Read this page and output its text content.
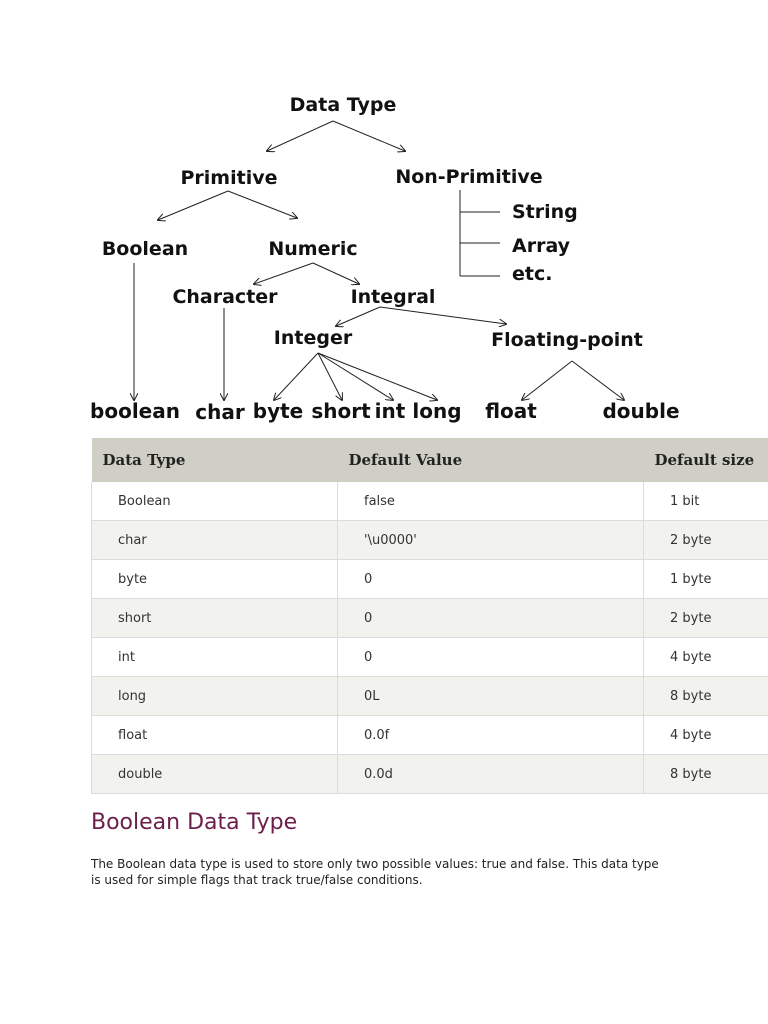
Data Type
Primitive	Non-Primitive
Boolean	Numeric
Character	Integral
Integer	Floating-point
String
Array
etc.
boolean char byte short int long float	double
Data Type	Default Value	Default size
Boolean	false	1 bit
char	'\u0000'	2 byte
byte	0	1 byte
short	0	2 byte
int	0	4 byte
long	0L	8 byte
float	0.0f	4 byte
double	0.0d	8 byte
Boolean Data Type

The Boolean data type is used to store only two possible values: true and false. This data type is used for simple flags that track true/false conditions.
